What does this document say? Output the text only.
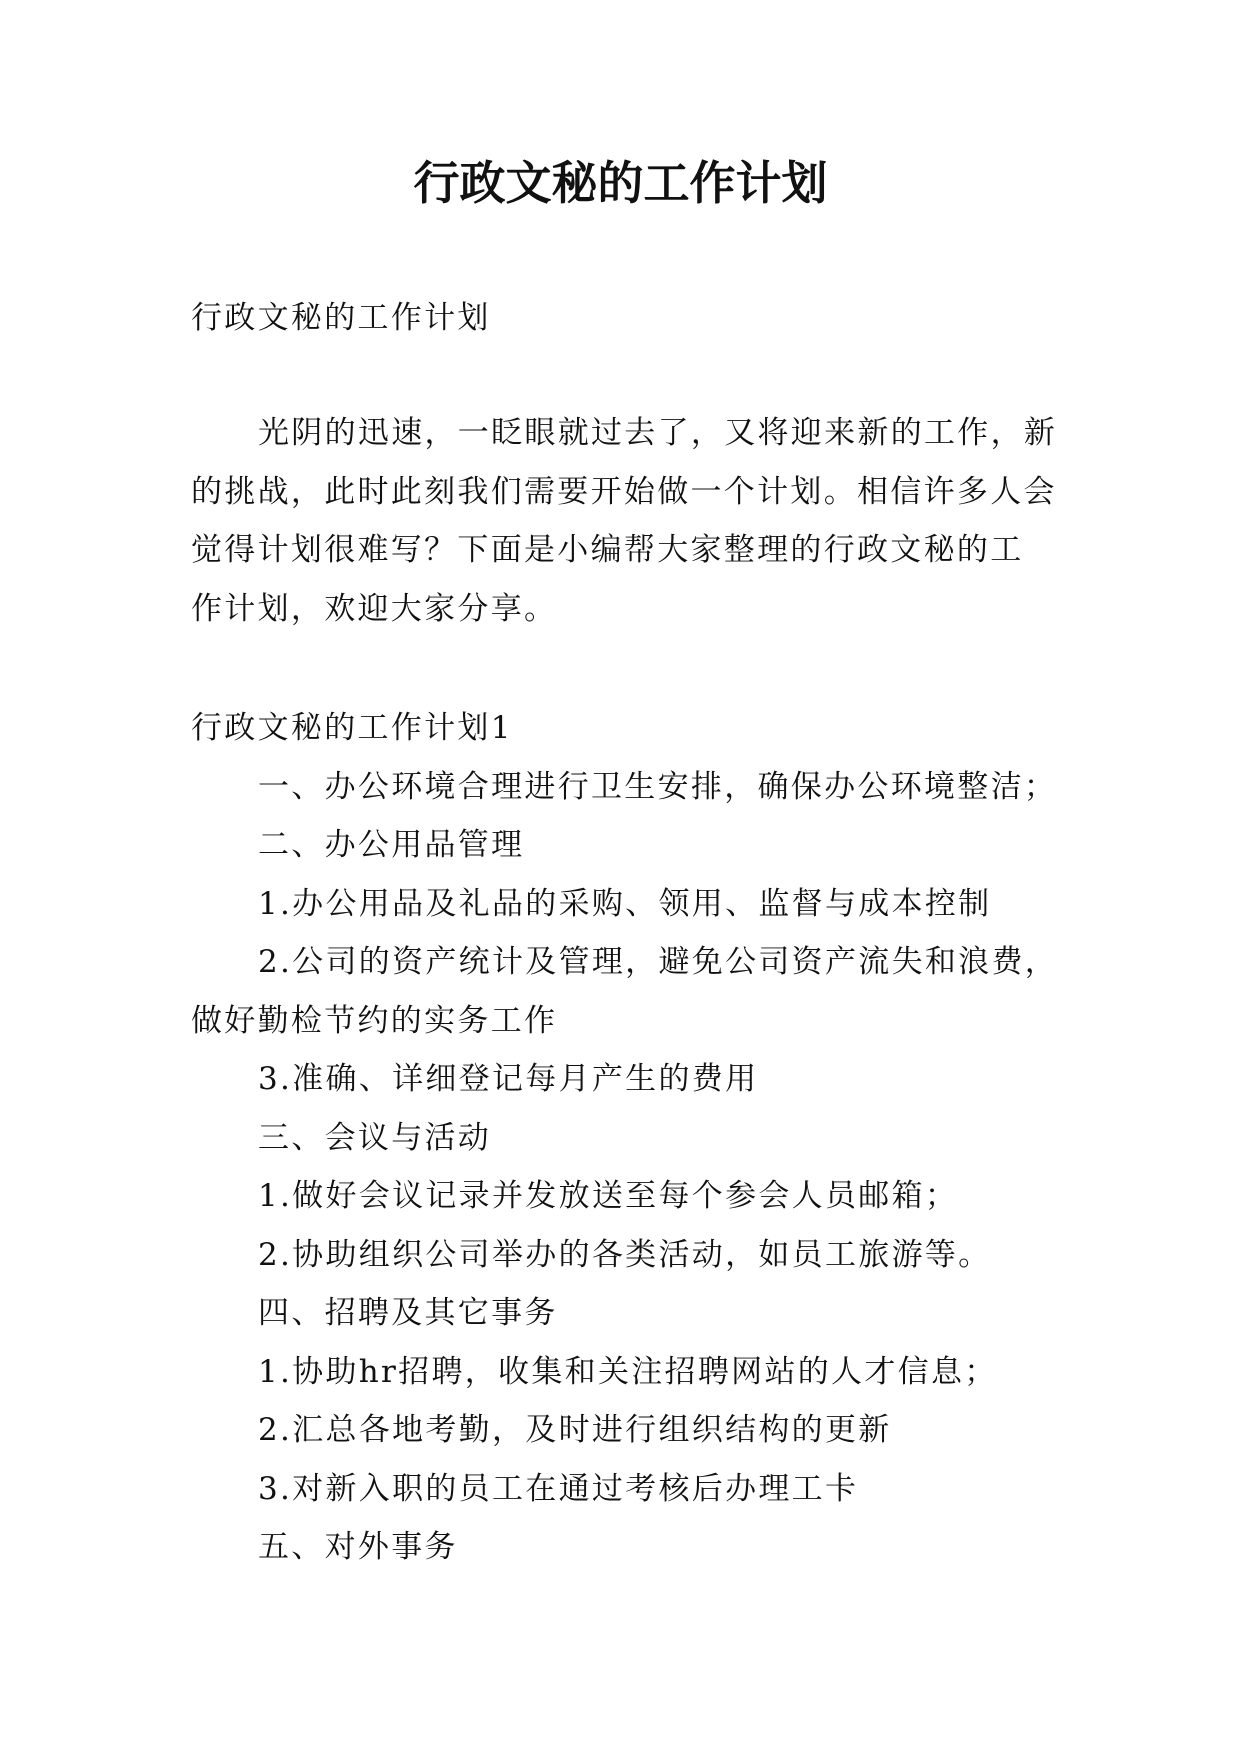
行政文秘的工作计划
行政文秘的工作计划
光阴的迅速，一眨眼就过去了，又将迎来新的工作，新
的挑战，此时此刻我们需要开始做一个计划。相信许多人会
觉得计划很难写？下面是小编帮大家整理的行政文秘的工
作计划，欢迎大家分享。
行政文秘的工作计划1
一、办公环境合理进行卫生安排，确保办公环境整洁；
二、办公用品管理
1.办公用品及礼品的采购、领用、监督与成本控制
2.公司的资产统计及管理，避免公司资产流失和浪费，
做好勤检节约的实务工作
3.准确、详细登记每月产生的费用
三、会议与活动
1.做好会议记录并发放送至每个参会人员邮箱；
2.协助组织公司举办的各类活动，如员工旅游等。
四、招聘及其它事务
1.协助hr招聘，收集和关注招聘网站的人才信息；
2.汇总各地考勤，及时进行组织结构的更新
3.对新入职的员工在通过考核后办理工卡
五、对外事务
